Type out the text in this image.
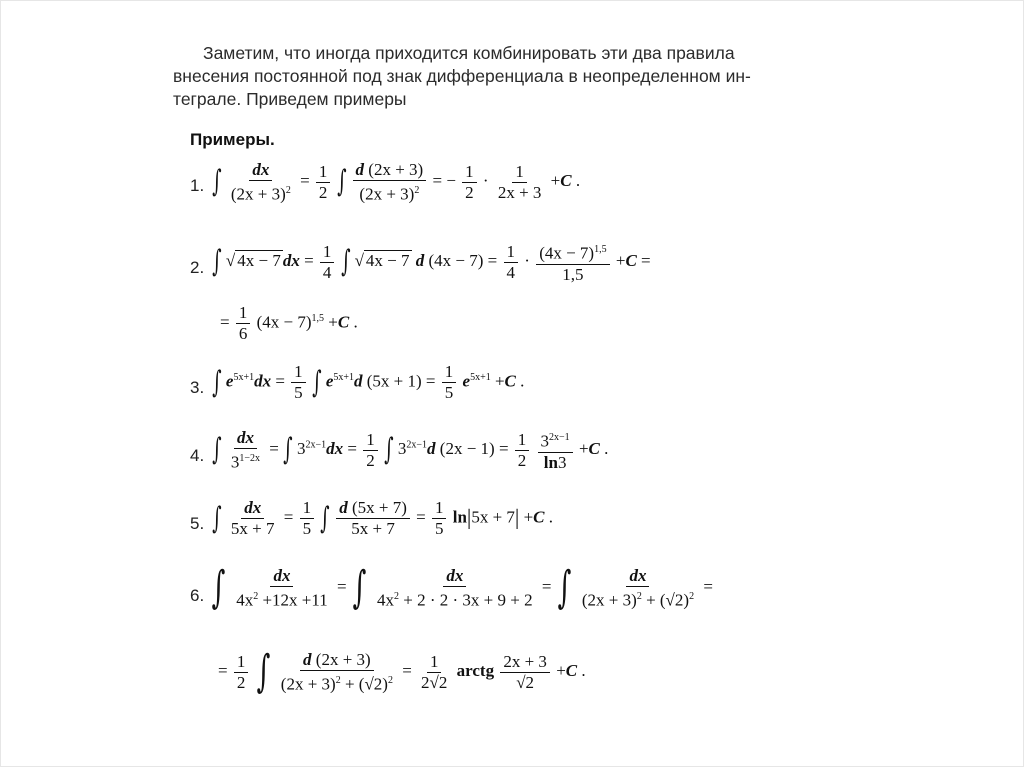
Заметим, что иногда приходится комбинировать эти два правила
внесения постоянной под знак дифференциала в неопределенном ин-
теграле. Приведем примеры
Примеры.
1. ∫ $\frac{dx}{(2x + 3)^2} = \frac{1}{2}$ ∫ $\frac{d (2x + 3)}{(2x + 3)^2}$ = − $\frac{1}{2} \cdot \frac{1}{2x + 3} +C$ .
2. ∫ √ 4x − 7 dx = $\frac{1}{4}$ ∫ √ 4x − 7 d $(4x - 7) = \frac{1}{4} \cdot \frac{(4x - 7)^{1,5}}{1,5} +C$ =
= $\frac{1}{6} (4x - 7)^{1,5} +C$ .
3. ∫ $e^{5x+1}dx = \frac{1}{5}$ ∫ $e^{5x+1}d$ $(5x + 1) = \frac{1}{5} e^{5x+1} +C$ .
4. ∫ $\frac{dx}{3^{1-2x}}$ = ∫ $3^{2x-1}dx = \frac{1}{2}$ ∫ $3^{2x-1}d$ $(2x - 1) = \frac{1}{2}$
$\frac{3^{2x-1}}{\ln 3} +C$ .
5. ∫ $\frac{dx}{5x + 7} = \frac{1}{5}$ ∫ $\frac{d (5x + 7)}{5x + 7} = \frac{1}{5} \ln|5x + 7| +C$ .
6. ∫ $\frac{dx}{4x^2 +12x +11}$ = ∫ $\frac{dx}{4x^2 + 2 \cdot 2 \cdot 3x + 9 + 2}$ = ∫ $\frac{dx}{(2x + 3)^2 + (√2)^2}$ =
= $\frac{1}{2}$ ∫ $\frac{d (2x + 3)}{(2x + 3)^2 + (√2)^2} = \frac{1}{2√2}$ arctg $\frac{2x + 3}{√2} +C$ .
